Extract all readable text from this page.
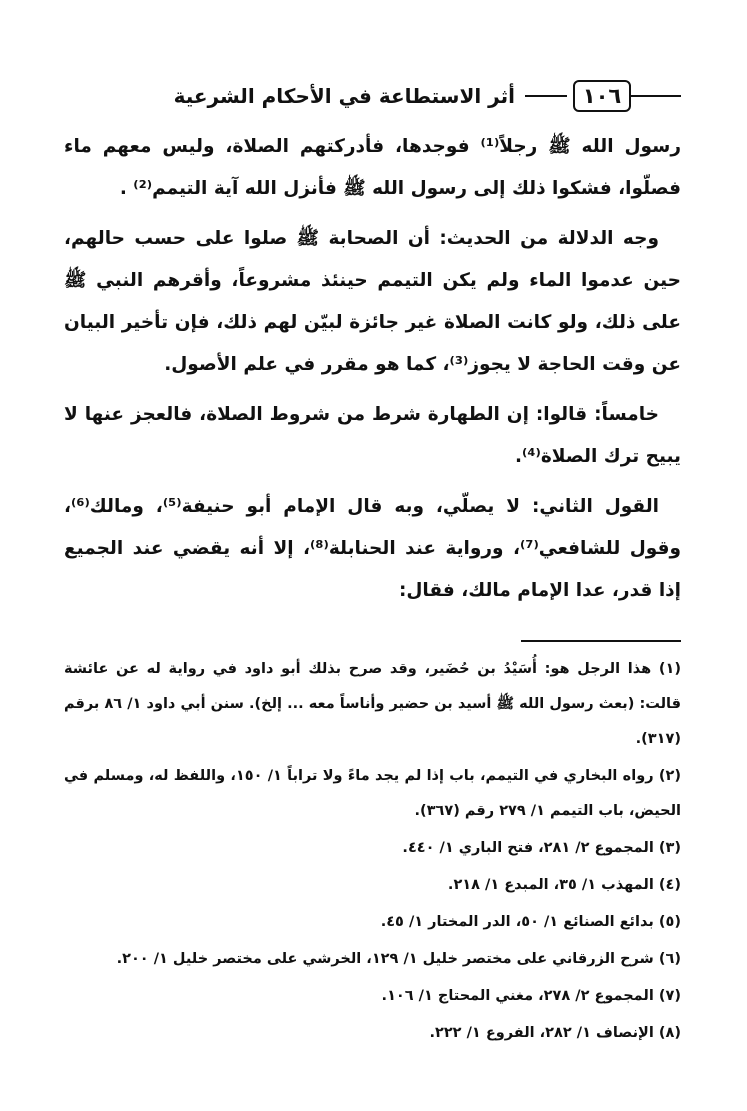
١٠٦
أثر الاستطاعة في الأحكام الشرعية

رسول الله ﷺ رجلاً⁽¹⁾ فوجدها، فأدركتهم الصلاة، وليس معهم ماء فصلّوا، فشكوا ذلك إلى رسول الله ﷺ فأنزل الله آية التيمم⁽²⁾ .

وجه الدلالة من الحديث: أن الصحابة ﷺ صلوا على حسب حالهم، حين عدموا الماء ولم يكن التيمم حينئذ مشروعاً، وأقرهم النبي ﷺ على ذلك، ولو كانت الصلاة غير جائزة لبيّن لهم ذلك، فإن تأخير البيان عن وقت الحاجة لا يجوز⁽³⁾، كما هو مقرر في علم الأصول.

خامساً: قالوا: إن الطهارة شرط من شروط الصلاة، فالعجز عنها لا يبيح ترك الصلاة⁽⁴⁾.

القول الثاني: لا يصلّي، وبه قال الإمام أبو حنيفة⁽⁵⁾، ومالك⁽⁶⁾، وقول للشافعي⁽⁷⁾، ورواية عند الحنابلة⁽⁸⁾، إلا أنه يقضي عند الجميع إذا قدر، عدا الإمام مالك، فقال:

(١) هذا الرجل هو: أُسَيْدُ بن حُضَير، وقد صرح بذلك أبو داود في رواية له عن عائشة قالت: (بعث رسول الله ﷺ أسيد بن حضير وأناساً معه ... إلخ). سنن أبي داود ١/ ٨٦ برقم (٣١٧).

(٢) رواه البخاري في التيمم، باب إذا لم يجد ماءً ولا تراباً ١/ ١٥٠، واللفظ له، ومسلم في الحيض، باب التيمم ١/ ٢٧٩ رقم (٣٦٧).

(٣) المجموع ٢/ ٢٨١، فتح الباري ١/ ٤٤٠.

(٤) المهذب ١/ ٣٥، المبدع ١/ ٢١٨.

(٥) بدائع الصنائع ١/ ٥٠، الدر المختار ١/ ٤٥.

(٦) شرح الزرقاني على مختصر خليل ١/ ١٢٩، الخرشي على مختصر خليل ١/ ٢٠٠.

(٧) المجموع ٢/ ٢٧٨، مغني المحتاج ١/ ١٠٦.

(٨) الإنصاف ١/ ٢٨٢، الفروع ١/ ٢٢٢.
